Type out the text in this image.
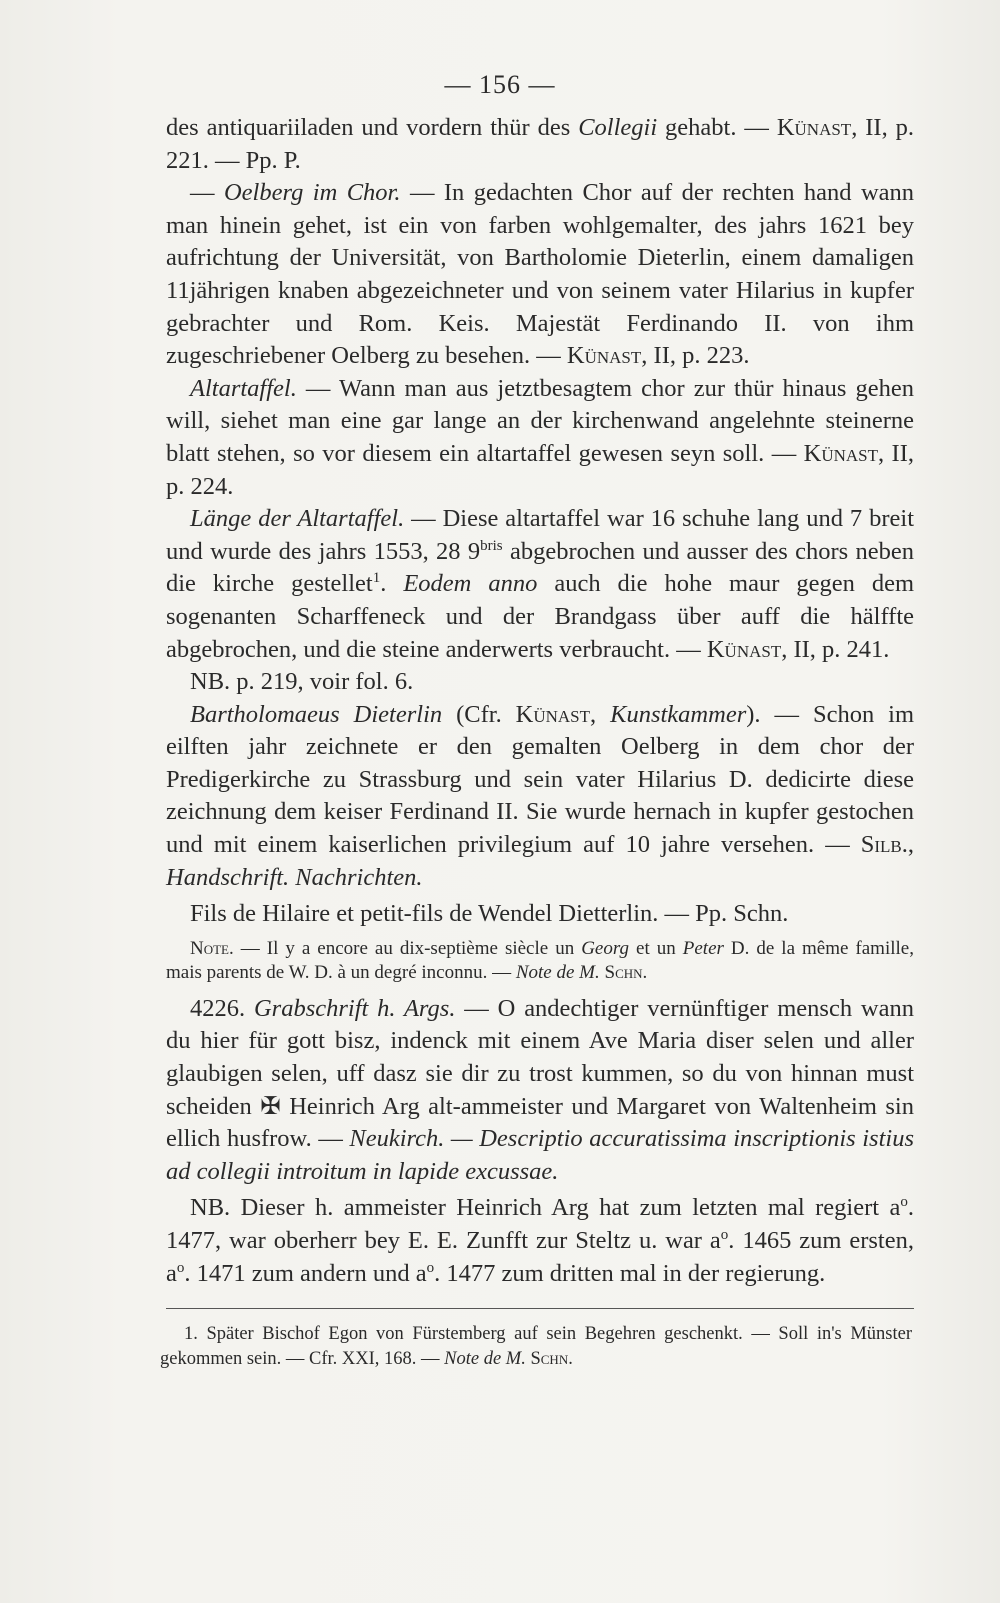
— 156 —

des antiquariiladen und vordern thür des Collegii gehabt. — Künast, II, p. 221. — Pp. P.

— Oelberg im Chor. — In gedachten Chor auf der rechten hand wann man hinein gehet, ist ein von farben wohlgemalter, des jahrs 1621 bey aufrichtung der Universität, von Bartholomie Dieterlin, einem damaligen 11jährigen knaben abgezeichneter und von seinem vater Hilarius in kupfer gebrachter und Rom. Keis. Majestät Ferdinando II. von ihm zugeschriebener Oelberg zu besehen. — Künast, II, p. 223.

Altartaffel. — Wann man aus jetztbesagtem chor zur thür hinaus gehen will, siehet man eine gar lange an der kirchenwand angelehnte steinerne blatt stehen, so vor diesem ein altartaffel gewesen seyn soll. — Künast, II, p. 224.

Länge der Altartaffel. — Diese altartaffel war 16 schuhe lang und 7 breit und wurde des jahrs 1553, 28 $9^{bris}$ abgebrochen und ausser des chors neben die kirche gestellet$^1$. Eodem anno auch die hohe maur gegen dem sogenanten Scharffeneck und der Brandgass über auff die hälffte abgebrochen, und die steine anderwerts verbraucht. — Künast, II, p. 241.

NB. p. 219, voir fol. 6.

Bartholomaeus Dieterlin (Cfr. Künast, Kunstkammer). — Schon im eilften jahr zeichnete er den gemalten Oelberg in dem chor der Predigerkirche zu Strassburg und sein vater Hilarius D. dedicirte diese zeichnung dem keiser Ferdinand II. Sie wurde hernach in kupfer gestochen und mit einem kaiserlichen privilegium auf 10 jahre versehen. — Silb., Handschrift. Nachrichten.

Fils de Hilaire et petit-fils de Wendel Dietterlin. — Pp. Schn.

Note. — Il y a encore au dix-septième siècle un Georg et un Peter D. de la même famille, mais parents de W. D. à un degré inconnu. — Note de M. Schn.

4226. Grabschrift h. Args. — O andechtiger vernünftiger mensch wann du hier für gott bisz, indenck mit einem Ave Maria diser selen und aller glaubigen selen, uff dasz sie dir zu trost kummen, so du von hinnan must scheiden ✠ Heinrich Arg alt-ammeister und Margaret von Waltenheim sin ellich husfrow. — Neukirch. — Descriptio accuratissima inscriptionis istius ad collegii introitum in lapide excussae.

NB. Dieser h. ammeister Heinrich Arg hat zum letzten mal regiert $a^o$. 1477, war oberherr bey E. E. Zunfft zur Steltz u. war $a^o$. 1465 zum ersten, $a^o$. 1471 zum andern und $a^o$. 1477 zum dritten mal in der regierung.

1. Später Bischof Egon von Fürstemberg auf sein Begehren geschenkt. — Soll in's Münster gekommen sein. — Cfr. XXI, 168. — Note de M. Schn.
